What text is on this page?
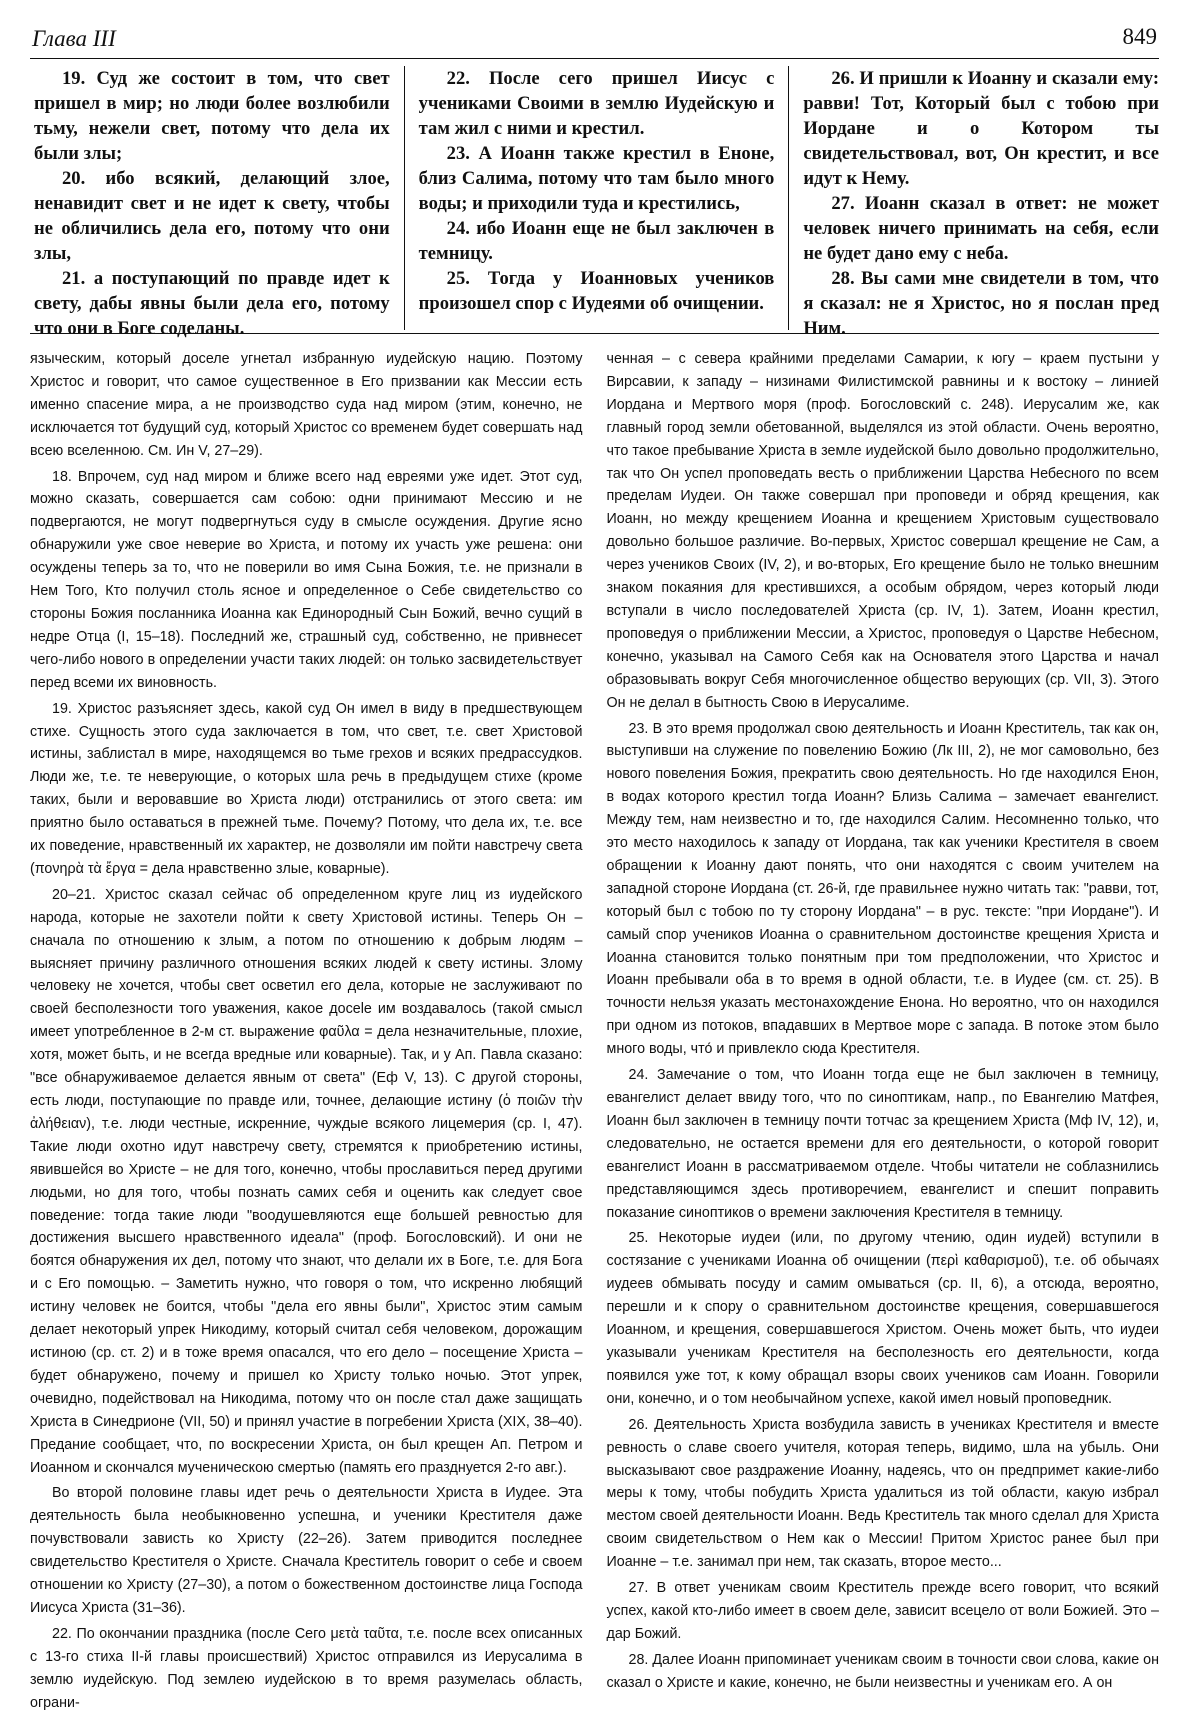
Глава III	849

19. Суд же состоит в том, что свет пришел в мир; но люди более возлюбили тьму, нежели свет, потому что дела их были злы;

20. ибо всякий, делающий злое, ненавидит свет и не идет к свету, чтобы не обличились дела его, потому что они злы,

21. а поступающий по правде идет к свету, дабы явны были дела его, потому что они в Боге соделаны.

22. После сего пришел Иисус с учениками Своими в землю Иудейскую и там жил с ними и крестил.

23. А Иоанн также крестил в Еноне, близ Салима, потому что там было много воды; и приходили туда и крестились,

24. ибо Иоанн еще не был заключен в темницу.

25. Тогда у Иоанновых учеников произошел спор с Иудеями об очищении.

26. И пришли к Иоанну и сказали ему: равви! Тот, Который был с тобою при Иордане и о Котором ты свидетельствовал, вот, Он крестит, и все идут к Нему.

27. Иоанн сказал в ответ: не может человек ничего принимать на себя, если не будет дано ему с неба.

28. Вы сами мне свидетели в том, что я сказал: не я Христос, но я послан пред Ним.

языческим, который доселе угнетал избранную иудейскую нацию. Поэтому Христос и говорит, что самое существенное в Его призвании как Мессии есть именно спасение мира, а не производство суда над миром (этим, конечно, не исключается тот будущий суд, который Христос со временем будет совершать над всею вселенною. См. Ин V, 27–29).

18. Впрочем, суд над миром и ближе всего над евреями уже идет. Этот суд, можно сказать, совершается сам собою: одни принимают Мессию и не подвергаются, не могут подвергнуться суду в смысле осуждения. Другие ясно обнаружили уже свое неверие во Христа, и потому их участь уже решена: они осуждены теперь за то, что не поверили во имя Сына Божия, т.е. не признали в Нем Того, Кто получил столь ясное и определенное о Себе свидетельство со стороны Божия посланника Иоанна как Единородный Сын Божий, вечно сущий в недре Отца (I, 15–18). Последний же, страшный суд, собственно, не привнесет чего-либо нового в определении участи таких людей: он только засвидетельствует перед всеми их виновность.

19. Христос разъясняет здесь, какой суд Он имел в виду в предшествующем стихе. Сущность этого суда заключается в том, что свет, т.е. свет Христовой истины, заблистал в мире, находящемся во тьме грехов и всяких предрассудков. Люди же, т.е. те неверующие, о которых шла речь в предыдущем стихе (кроме таких, были и веровавшие во Христа люди) отстранились от этого света: им приятно было оставаться в прежней тьме. Почему? Потому, что дела их, т.е. все их поведение, нравственный их характер, не дозволяли им пойти навстречу света (πονηρὰ τὰ ἔργα = дела нравственно злые, коварные).

20–21. Христос сказал сейчас об определенном круге лиц из иудейского народа, которые не захотели пойти к свету Христовой истины. Теперь Он – сначала по отношению к злым, а потом по отношению к добрым людям – выясняет причину различного отношения всяких людей к свету истины. Злому человеку не хочется, чтобы свет осветил его дела, которые не заслуживают по своей бесполезности того уважения, какое досele им воздавалось (такой смысл имеет употребленное в 2-м ст. выражение φαῦλα = дела незначительные, плохие, хотя, может быть, и не всегда вредные или коварные). Так, и у Ап. Павла сказано: "все обнаруживаемое делается явным от света" (Еф V, 13). С другой стороны, есть люди, поступающие по правде или, точнее, делающие истину (ὁ ποιῶν τὴν ἀλήθειαν), т.е. люди честные, искренние, чуждые всякого лицемерия (ср. I, 47). Такие люди охотно идут навстречу свету, стремятся к приобретению истины, явившейся во Христе – не для того, конечно, чтобы прославиться перед другими людьми, но для того, чтобы познать самих себя и оценить как следует свое поведение: тогда такие люди "воодушевляются еще большей ревностью для достижения высшего нравственного идеала" (проф. Богословский). И они не боятся обнаружения их дел, потому что знают, что делали их в Боге, т.е. для Бога и с Его помощью. – Заметить нужно, что говоря о том, что искренно любящий истину человек не боится, чтобы "дела его явны были", Христос этим самым делает некоторый упрек Никодиму, который считал себя человеком, дорожащим истиною (ср. ст. 2) и в тоже время опасался, что его дело – посещение Христа – будет обнаружено, почему и пришел ко Христу только ночью. Этот упрек, очевидно, подействовал на Никодима, потому что он после стал даже защищать Христа в Синедрионе (VII, 50) и принял участие в погребении Христа (XIX, 38–40). Предание сообщает, что, по воскресении Христа, он был крещен Ап. Петром и Иоанном и скончался мученическою смертью (память его празднуется 2-го авг.).

Во второй половине главы идет речь о деятельности Христа в Иудее. Эта деятельность была необыкновенно успешна, и ученики Крестителя даже почувствовали зависть ко Христу (22–26). Затем приводится последнее свидетельство Крестителя о Христе. Сначала Креститель говорит о себе и своем отношении ко Христу (27–30), а потом о божественном достоинстве лица Господа Иисуса Христа (31–36).

22. По окончании праздника (после Сего μετὰ ταῦτα, т.е. после всех описанных с 13-го стиха II-й главы происшествий) Христос отправился из Иерусалима в землю иудейскую. Под землею иудейскою в то время разумелась область, ограни-

ченная – с севера крайними пределами Самарии, к югу – краем пустыни у Вирсавии, к западу – низинами Филистимской равнины и к востоку – линией Иордана и Мертвого моря (проф. Богословский с. 248). Иерусалим же, как главный город земли обетованной, выделялся из этой области. Очень вероятно, что такое пребывание Христа в земле иудейской было довольно продолжительно, так что Он успел проповедать весть о приближении Царства Небесного по всем пределам Иудеи. Он также совершал при проповеди и обряд крещения, как Иоанн, но между крещением Иоанна и крещением Христовым существовало довольно большое различие. Во-первых, Христос совершал крещение не Сам, а через учеников Своих (IV, 2), и во-вторых, Его крещение было не только внешним знаком покаяния для крестившихся, а особым обрядом, через который люди вступали в число последователей Христа (ср. IV, 1). Затем, Иоанн крестил, проповедуя о приближении Мессии, а Христос, проповедуя о Царстве Небесном, конечно, указывал на Самого Себя как на Основателя этого Царства и начал образовывать вокруг Себя многочисленное общество верующих (ср. VII, 3). Этого Он не делал в бытность Свою в Иерусалиме.

23. В это время продолжал свою деятельность и Иоанн Креститель, так как он, выступивши на служение по повелению Божию (Лк III, 2), не мог самовольно, без нового повеления Божия, прекратить свою деятельность. Но где находился Енон, в водах которого крестил тогда Иоанн? Близь Салима – замечает евангелист. Между тем, нам неизвестно и то, где находился Салим. Несомненно только, что это место находилось к западу от Иордана, так как ученики Крестителя в своем обращении к Иоанну дают понять, что они находятся с своим учителем на западной стороне Иордана (ст. 26-й, где правильнее нужно читать так: "равви, тот, который был с тобою по ту сторону Иордана" – в рус. тексте: "при Иордане"). И самый спор учеников Иоанна о сравнительном достоинстве крещения Христа и Иоанна становится только понятным при том предположении, что Христос и Иоанн пребывали оба в то время в одной области, т.е. в Иудее (см. ст. 25). В точности нельзя указать местонахождение Енона. Но вероятно, что он находился при одном из потоков, впадавших в Мертвое море с запада. В потоке этом было много воды, что́ и привлекло сюда Крестителя.

24. Замечание о том, что Иоанн тогда еще не был заключен в темницу, евангелист делает ввиду того, что по синоптикам, напр., по Евангелию Матфея, Иоанн был заключен в темницу почти тотчас за крещением Христа (Мф IV, 12), и, следовательно, не остается времени для его деятельности, о которой говорит евангелист Иоанн в рассматриваемом отделе. Чтобы читатели не соблазнились представляющимся здесь противоречием, евангелист и спешит поправить показание синоптиков о времени заключения Крестителя в темницу.

25. Некоторые иудеи (или, по другому чтению, один иудей) вступили в состязание с учениками Иоанна об очищении (περὶ καθαρισμοῦ), т.е. об обычаях иудеев обмывать посуду и самим омываться (ср. II, 6), а отсюда, вероятно, перешли и к спору о сравнительном достоинстве крещения, совершавшегося Иоанном, и крещения, совершавшегося Христом. Очень может быть, что иудеи указывали ученикам Крестителя на бесполезность его деятельности, когда появился уже тот, к кому обращал взоры своих учеников сам Иоанн. Говорили они, конечно, и о том необычайном успехе, какой имел новый проповедник.

26. Деятельность Христа возбудила зависть в учениках Крестителя и вместе ревность о славе своего учителя, которая теперь, видимо, шла на убыль. Они высказывают свое раздражение Иоанну, надеясь, что он предпримет какие-либо меры к тому, чтобы побудить Христа удалиться из той области, какую избрал местом своей деятельности Иоанн. Ведь Креститель так много сделал для Христа своим свидетельством о Нем как о Мессии! Притом Христос ранее был при Иоанне – т.е. занимал при нем, так сказать, второе место...

27. В ответ ученикам своим Креститель прежде всего говорит, что всякий успех, какой кто-либо имеет в своем деле, зависит всецело от воли Божией. Это – дар Божий.

28. Далее Иоанн припоминает ученикам своим в точности свои слова, какие он сказал о Христе и какие, конечно, не были неизвестны и ученикам его. А он
